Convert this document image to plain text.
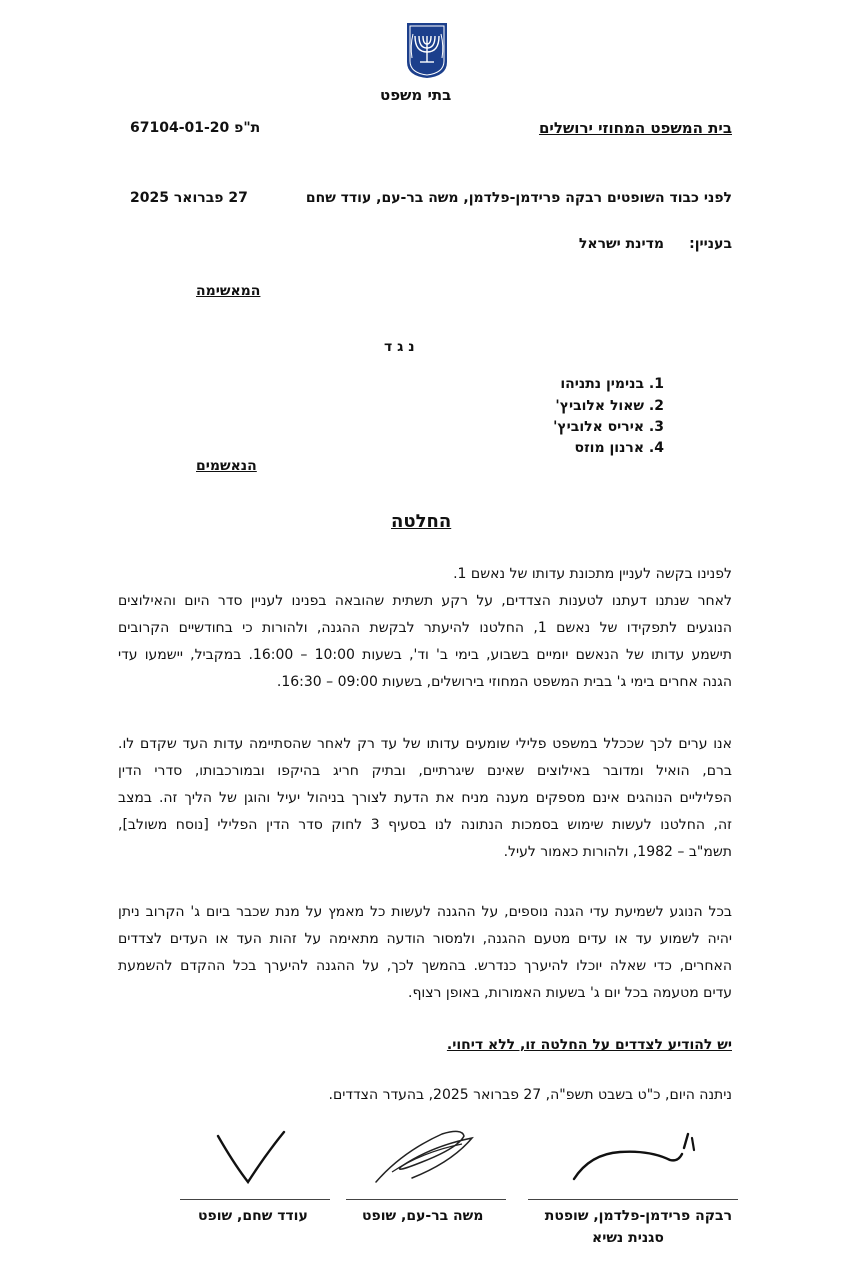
בתי משפט
בית המשפט המחוזי ירושלים
ת"פ 67104-01-20
לפני כבוד השופטים רבקה פרידמן-פלדמן, משה בר-עם, עודד שחם
27 פברואר 2025
בעניין:
מדינת ישראל
המאשימה
נ ג ד
1. בנימין נתניהו
2. שאול אלוביץ'
3. איריס אלוביץ'
4. ארנון מוזס
הנאשמים
החלטה
לפנינו בקשה לעניין מתכונת עדותו של נאשם 1.
לאחר שנתנו דעתנו לטענות הצדדים, על רקע תשתית שהובאה בפנינו לעניין סדר היום והאילוצים
הנוגעים לתפקידו של נאשם 1, החלטנו להיעתר לבקשת ההגנה, ולהורות כי בחודשיים הקרובים
תישמע עדותו של הנאשם יומיים בשבוע, בימי ב' וד', בשעות 10:00 – 16:00. במקביל, יישמעו עדי
הגנה אחרים בימי ג' בבית המשפט המחוזי בירושלים, בשעות 09:00 – 16:30.
אנו ערים לכך שככלל במשפט פלילי שומעים עדותו של עד רק לאחר שהסתיימה עדות העד שקדם לו.
ברם, הואיל ומדובר באילוצים שאינם שיגרתיים, ובתיק חריג בהיקפו ובמורכבותו, סדרי הדין
הפליליים הנוהגים אינם מספקים מענה מניח את הדעת לצורך בניהול יעיל והוגן של הליך זה. במצב
זה, החלטנו לעשות שימוש בסמכות הנתונה לנו בסעיף 3 לחוק סדר הדין הפלילי [נוסח משולב],
תשמ"ב – 1982, ולהורות כאמור לעיל.
בכל הנוגע לשמיעת עדי הגנה נוספים, על ההגנה לעשות כל מאמץ על מנת שכבר ביום ג' הקרוב ניתן
יהיה לשמוע עד או עדים מטעם ההגנה, ולמסור הודעה מתאימה על זהות העד או העדים לצדדים
האחרים, כדי שאלה יוכלו להיערך כנדרש. בהמשך לכך, על ההגנה להיערך בכל ההקדם להשמעת
עדים מטעמה בכל יום ג' בשעות האמורות, באופן רצוף.
יש להודיע לצדדים על החלטה זו, ללא דיחוי.
ניתנה היום, כ"ט בשבט תשפ"ה, 27 פברואר 2025, בהעדר הצדדים.
רבקה פרידמן-פלדמן, שופטת
סגנית נשיא
משה בר-עם, שופט
עודד שחם, שופט
